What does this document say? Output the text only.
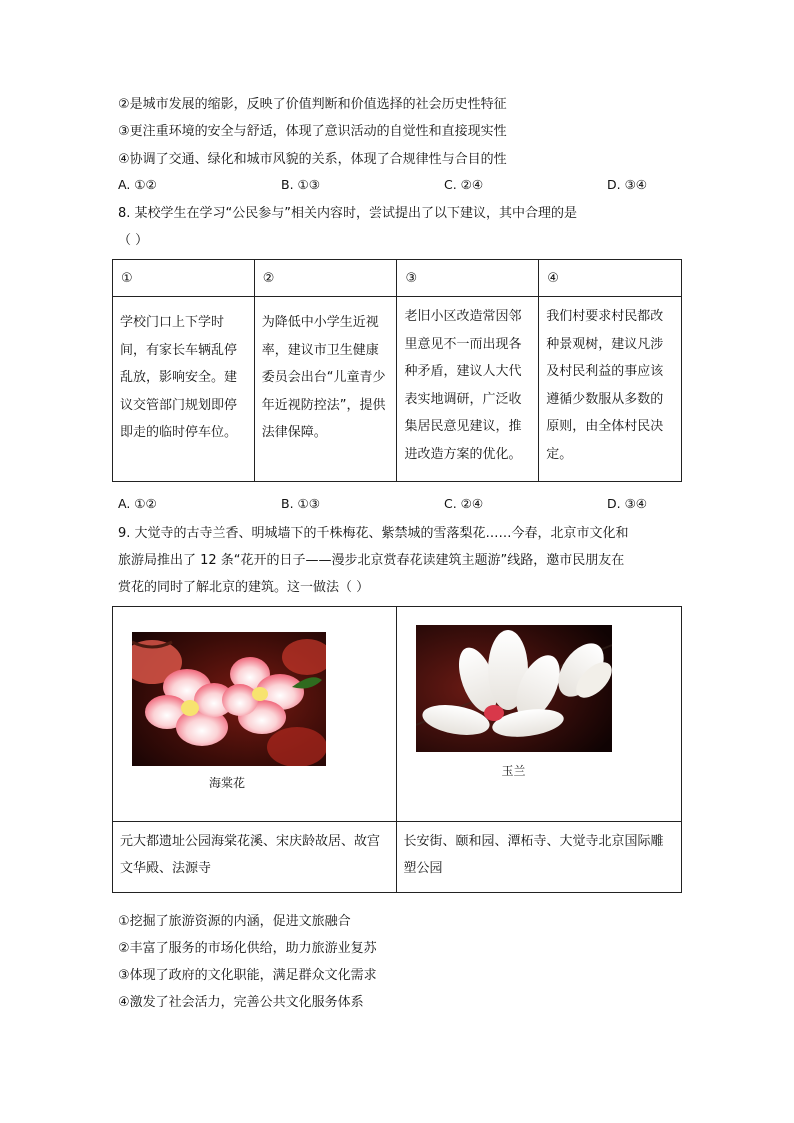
②是城市发展的缩影，反映了价值判断和价值选择的社会历史性特征
③更注重环境的安全与舒适，体现了意识活动的自觉性和直接现实性
④协调了交通、绿化和城市风貌的关系，体现了合规律性与合目的性
A. ①②	B. ①③	C. ②④	D. ③④
8. 某校学生在学习“公民参与”相关内容时，尝试提出了以下建议，其中合理的是
（ ）
①	②	③	④
学校门口上下学时间，有家长车辆乱停乱放，影响安全。建议交管部门规划即停即走的临时停车位。	为降低中小学生近视率，建议市卫生健康委员会出台“儿童青少年近视防控法”，提供法律保障。	老旧小区改造常因邻里意见不一而出现各种矛盾，建议人大代表实地调研，广泛收集居民意见建议，推进改造方案的优化。	我们村要求村民都改种景观树，建议凡涉及村民利益的事应该遵循少数服从多数的原则，由全体村民决定。
A. ①②	B. ①③	C. ②④	D. ③④
9. 大觉寺的古寺兰香、明城墙下的千株梅花、紫禁城的雪落梨花……今春，北京市文化和
旅游局推出了 12 条“花开的日子——漫步北京赏春花读建筑主题游”线路，邀市民朋友在
赏花的同时了解北京的建筑。这一做法（ ）
海棠花	玉兰

元大都遗址公园海棠花溪、宋庆龄故居、故宫文华殿、法源寺	长安街、颐和园、潭柘寺、大觉寺北京国际雕塑公园
①挖掘了旅游资源的内涵，促进文旅融合
②丰富了服务的市场化供给，助力旅游业复苏
③体现了政府的文化职能，满足群众文化需求
④激发了社会活力，完善公共文化服务体系
